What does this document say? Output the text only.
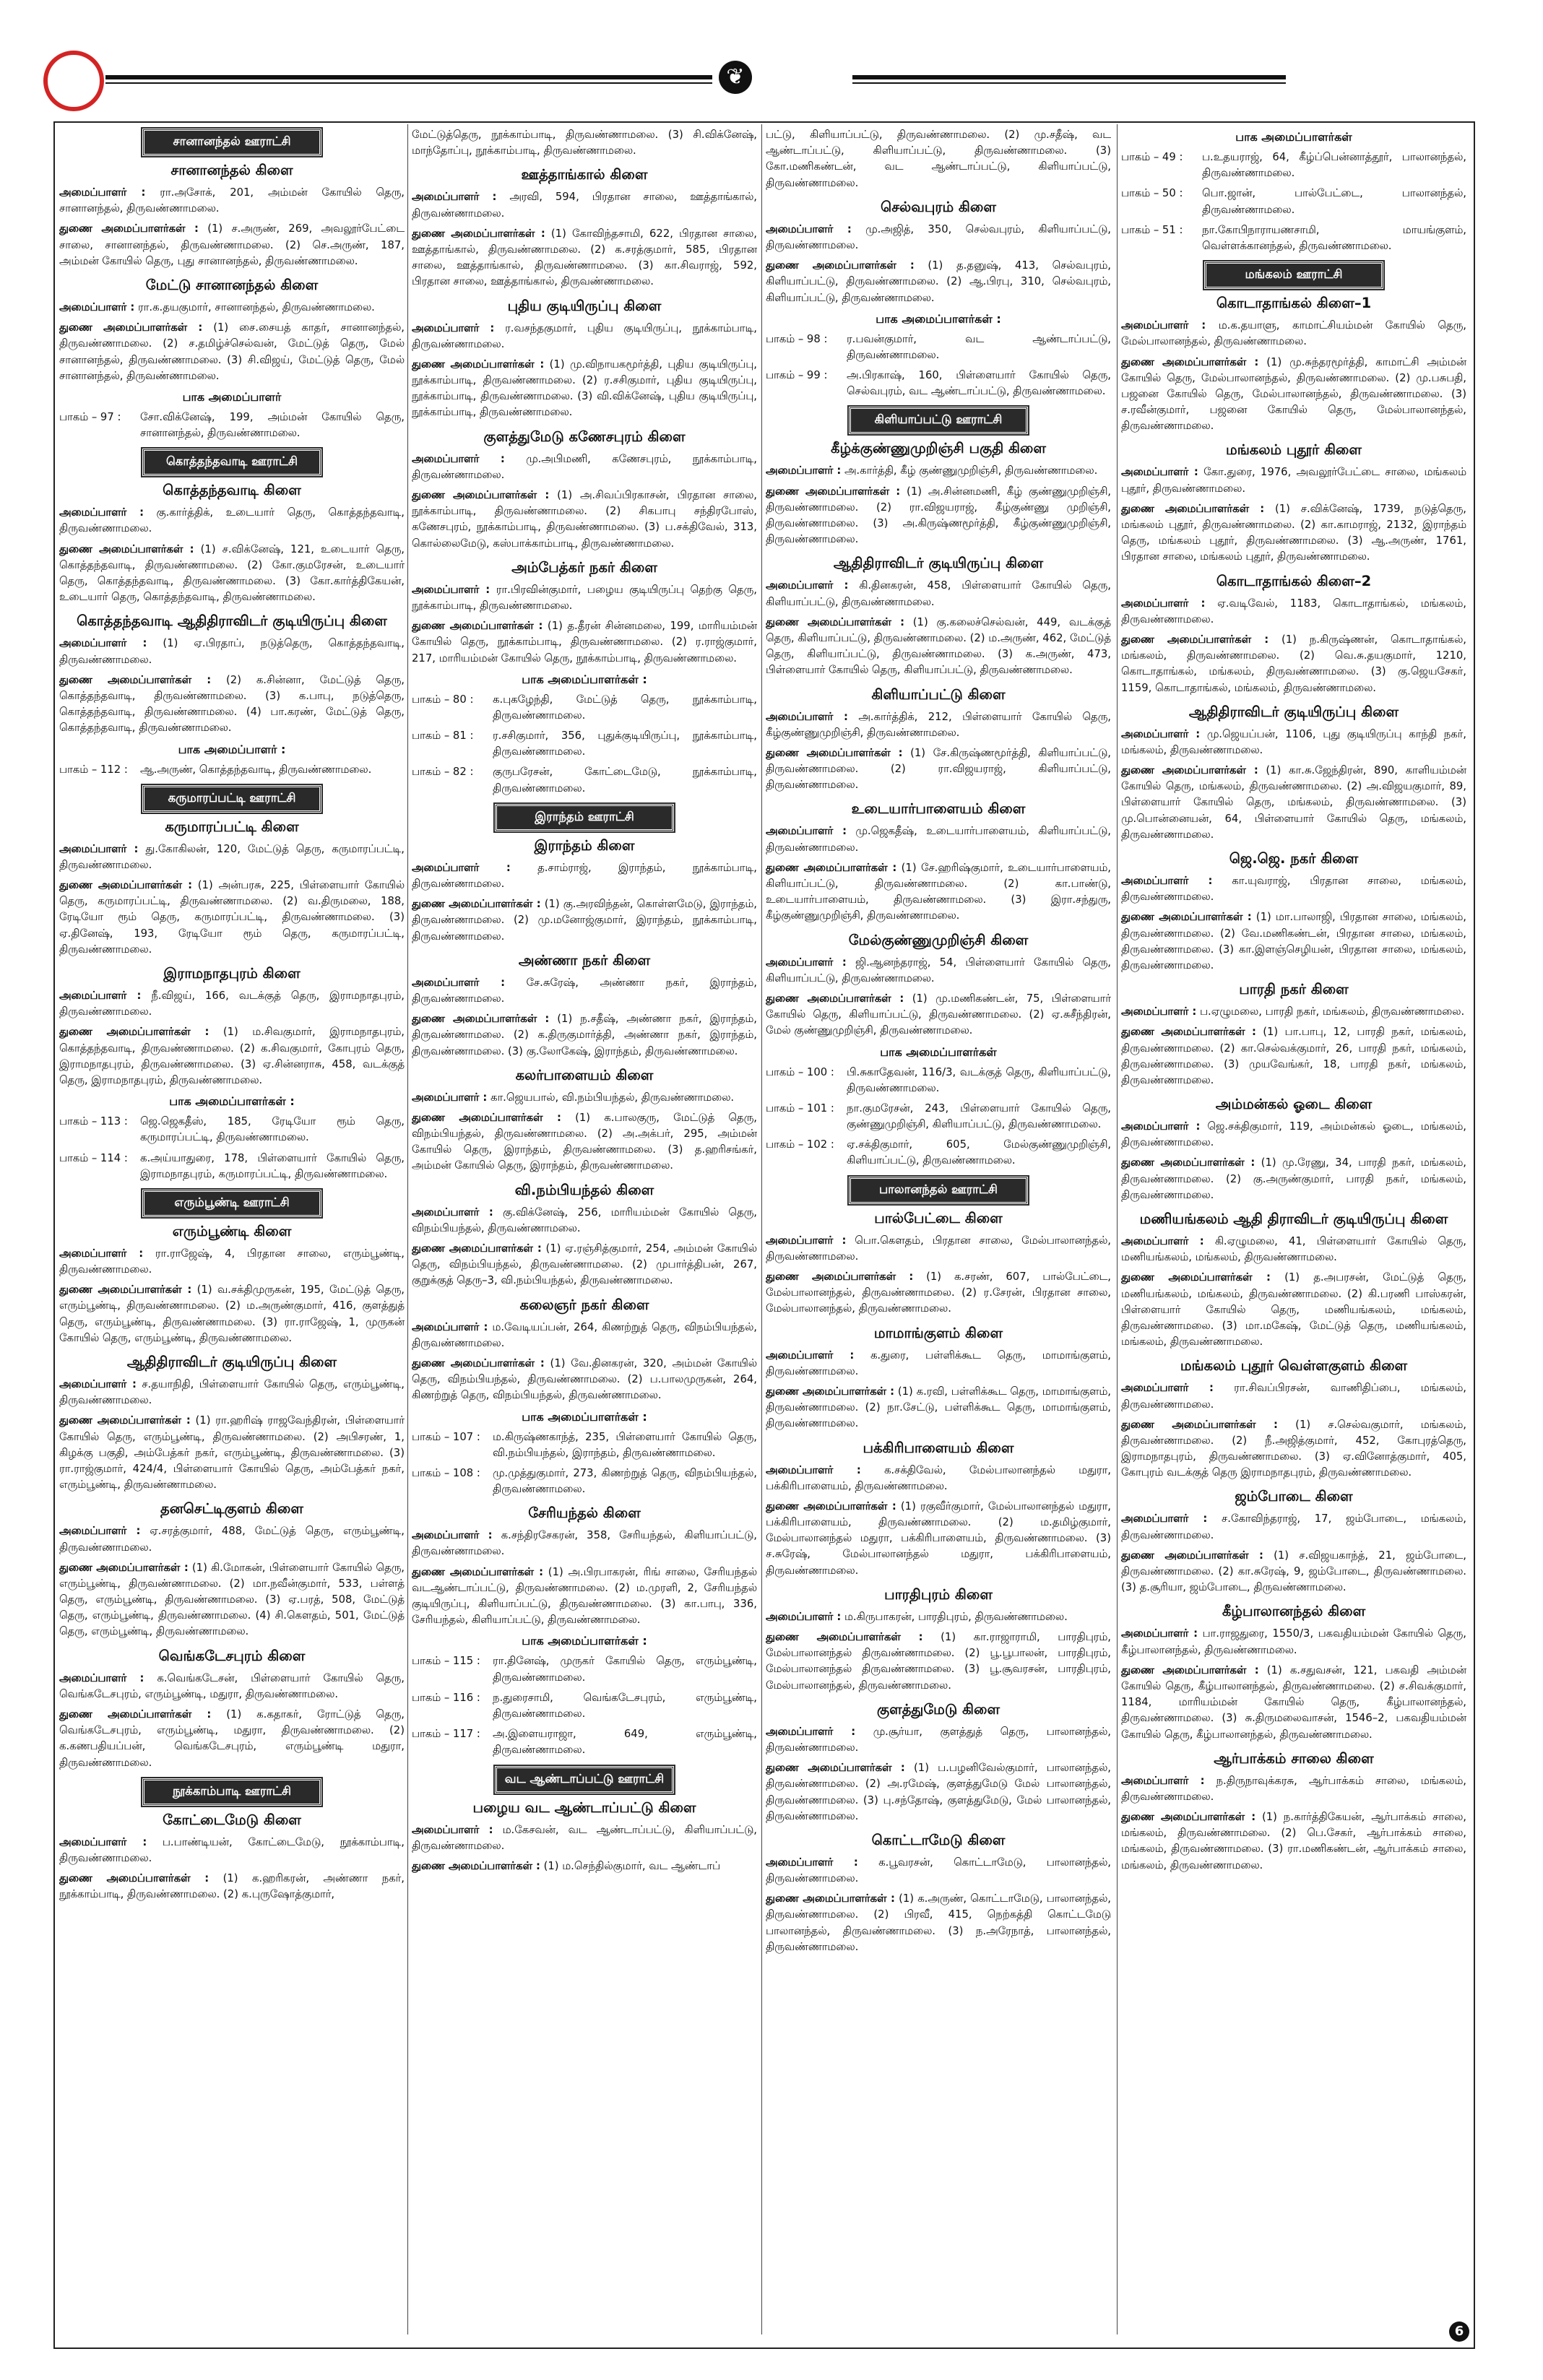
❦
சானானந்தல் ஊராட்சி
சானானந்தல் கிளை
அமைப்பாளர் : ரா.அசோக், 201, அம்மன் கோயில் தெரு, சானானந்தல், திருவண்ணாமலை.
துணை அமைப்பாளர்கள் : (1) ச.அருண், 269, அவலூர்பேட்டை சாலை, சானானந்தல், திருவண்ணாமலை. (2) செ.அருண், 187, அம்மன் கோயில் தெரு, புது சானானந்தல், திருவண்ணாமலை.
மேட்டு சானானந்தல் கிளை
அமைப்பாளர் : ரா.க.தயகுமார், சானானந்தல், திருவண்ணாமலை.
துணை அமைப்பாளர்கள் : (1) சை.சையத் காதர், சானானந்தல், திருவண்ணாமலை. (2) ச.தமிழ்ச்செல்வன், மேட்டுத் தெரு, மேல் சானானந்தல், திருவண்ணாமலை. (3) சி.விஜய், மேட்டுத் தெரு, மேல் சானானந்தல், திருவண்ணாமலை.
பாக அமைப்பாளர்
பாகம் – 97 :	சோ.விக்னேஷ், 199, அம்மன் கோயில் தெரு, சானானந்தல், திருவண்ணாமலை.
கொத்தந்தவாடி ஊராட்சி
கொத்தந்தவாடி கிளை
அமைப்பாளர் : கு.கார்த்திக், உடையார் தெரு, கொத்தந்தவாடி, திருவண்ணாமலை.
துணை அமைப்பாளர்கள் : (1) ச.விக்னேஷ், 121, உடையார் தெரு, கொத்தந்தவாடி, திருவண்ணாமலை. (2) கோ.குமரேசன், உடையார் தெரு, கொத்தந்தவாடி, திருவண்ணாமலை. (3) கோ.கார்த்திகேயன், உடையார் தெரு, கொத்தந்தவாடி, திருவண்ணாமலை.
கொத்தந்தவாடி ஆதிதிராவிடர் குடியிருப்பு கிளை
அமைப்பாளர் : (1) ஏ.பிரதாப், நடுத்தெரு, கொத்தந்தவாடி, திருவண்ணாமலை.
துணை அமைப்பாளர்கள் : (2) க.சின்னா, மேட்டுத் தெரு, கொத்தந்தவாடி, திருவண்ணாமலை. (3) க.பாபு, நடுத்தெரு, கொத்தந்தவாடி, திருவண்ணாமலை. (4) பா.கரண், மேட்டுத் தெரு, கொத்தந்தவாடி, திருவண்ணாமலை.
பாக அமைப்பாளர் :
பாகம் – 112 :	ஆ.அருண், கொத்தந்தவாடி, திருவண்ணாமலை.
கருமாரப்பட்டி ஊராட்சி
கருமாரப்பட்டி கிளை
அமைப்பாளர் : து.கோகிலன், 120, மேட்டுத் தெரு, கருமாரப்பட்டி, திருவண்ணாமலை.
துணை அமைப்பாளர்கள் : (1) அன்பரசு, 225, பிள்ளையார் கோயில் தெரு, கருமாரப்பட்டி, திருவண்ணாமலை. (2) வ.திருமலை, 188, ரேடியோ ரூம் தெரு, கருமாரப்பட்டி, திருவண்ணாமலை. (3) ஏ.தினேஷ், 193, ரேடியோ ரூம் தெரு, கருமாரப்பட்டி, திருவண்ணாமலை.
இராமநாதபுரம் கிளை
அமைப்பாளர் : நீ.விஜய், 166, வடக்குத் தெரு, இராமநாதபுரம், திருவண்ணாமலை.
துணை அமைப்பாளர்கள் : (1) ம.சிவகுமார், இராமநாதபுரம், கொத்தந்தவாடி, திருவண்ணாமலை. (2) க.சிவகுமார், கோபுரம் தெரு, இராமநாதபுரம், திருவண்ணாமலை. (3) ஏ.சின்னராசு, 458, வடக்குத் தெரு, இராமநாதபுரம், திருவண்ணாமலை.
பாக அமைப்பாளர்கள் :
பாகம் – 113 :	ஜெ.ஜெகதீஸ், 185, ரேடியோ ரூம் தெரு, கருமாரப்பட்டி, திருவண்ணாமலை.
பாகம் – 114 :	க.அய்யாதுரை, 178, பிள்ளையார் கோயில் தெரு, இராமநாதபுரம், கருமாரப்பட்டி, திருவண்ணாமலை.
எரும்பூண்டி ஊராட்சி
எரும்பூண்டி கிளை
அமைப்பாளர் : ரா.ராஜேஷ், 4, பிரதான சாலை, எரும்பூண்டி, திருவண்ணாமலை.
துணை அமைப்பாளர்கள் : (1) வ.சக்திமுருகன், 195, மேட்டுத் தெரு, எரும்பூண்டி, திருவண்ணாமலை. (2) ம.அருண்குமார், 416, குளத்துத் தெரு, எரும்பூண்டி, திருவண்ணாமலை. (3) ரா.ராஜேஷ், 1, முருகன் கோயில் தெரு, எரும்பூண்டி, திருவண்ணாமலை.
ஆதிதிராவிடர் குடியிருப்பு கிளை
அமைப்பாளர் : ச.தயாநிதி, பிள்ளையார் கோயில் தெரு, எரும்பூண்டி, திருவண்ணாமலை.
துணை அமைப்பாளர்கள் : (1) ரா.ஹரிஷ் ராஜவேந்திரன், பிள்ளையார் கோயில் தெரு, எரும்பூண்டி, திருவண்ணாமலை. (2) அபிசரண், 1, கிழக்கு பகுதி, அம்பேத்கர் நகர், எரும்பூண்டி, திருவண்ணாமலை. (3) ரா.ராஜ்குமார், 424/4, பிள்ளையார் கோயில் தெரு, அம்பேத்கர் நகர், எரும்பூண்டி, திருவண்ணாமலை.
தனசெட்டிகுளம் கிளை
அமைப்பாளர் : ஏ.சரத்குமார், 488, மேட்டுத் தெரு, எரும்பூண்டி, திருவண்ணாமலை.
துணை அமைப்பாளர்கள் : (1) கி.மோகன், பிள்ளையார் கோயில் தெரு, எரும்பூண்டி, திருவண்ணாமலை. (2) மா.நவீன்குமார், 533, பள்ளத் தெரு, எரும்பூண்டி, திருவண்ணாமலை. (3) ஏ.பரத், 508, மேட்டுத் தெரு, எரும்பூண்டி, திருவண்ணாமலை. (4) சி.கௌதம், 501, மேட்டுத் தெரு, எரும்பூண்டி, திருவண்ணாமலை.
வெங்கடேசபுரம் கிளை
அமைப்பாளர் : க.வெங்கடேசன், பிள்ளையார் கோயில் தெரு, வெங்கடேசபுரம், எரும்பூண்டி, மதுரா, திருவண்ணாமலை.
துணை அமைப்பாளர்கள் : (1) க.கதாகர், ரோட்டுத் தெரு, வெங்கடேசபுரம், எரும்பூண்டி, மதுரா, திருவண்ணாமலை. (2) க.கணபதியப்பன், வெங்கடேசபுரம், எரும்பூண்டி மதுரா, திருவண்ணாமலை.
நூக்காம்பாடி ஊராட்சி
கோட்டைமேடு கிளை
அமைப்பாளர் : ப.பாண்டியன், கோட்டைமேடு, நூக்காம்பாடி, திருவண்ணாமலை.
துணை அமைப்பாளர்கள் : (1) க.ஹரிகரன், அண்ணா நகர், நூக்காம்பாடி, திருவண்ணாமலை. (2) க.புருஷோத்குமார்,
மேட்டுத்தெரு, நூக்காம்பாடி, திருவண்ணாமலை. (3) சி.விக்னேஷ், மாந்தோப்பு, நூக்காம்பாடி, திருவண்ணாமலை.
ஊத்தாங்கால் கிளை
அமைப்பாளர் : அரவி, 594, பிரதான சாலை, ஊத்தாங்கால், திருவண்ணாமலை.
துணை அமைப்பாளர்கள் : (1) கோவிந்தசாமி, 622, பிரதான சாலை, ஊத்தாங்கால், திருவண்ணாமலை. (2) க.சரத்குமார், 585, பிரதான சாலை, ஊத்தாங்கால், திருவண்ணாமலை. (3) கா.சிவராஜ், 592, பிரதான சாலை, ஊத்தாங்கால், திருவண்ணாமலை.
புதிய குடியிருப்பு கிளை
அமைப்பாளர் : ர.வசந்தகுமார், புதிய குடியிருப்பு, நூக்காம்பாடி, திருவண்ணாமலை.
துணை அமைப்பாளர்கள் : (1) மு.விநாயகமூர்த்தி, புதிய குடியிருப்பு, நூக்காம்பாடி, திருவண்ணாமலை. (2) ர.சசிகுமார், புதிய குடியிருப்பு, நூக்காம்பாடி, திருவண்ணாமலை. (3) வி.விக்னேஷ், புதிய குடியிருப்பு, நூக்காம்பாடி, திருவண்ணாமலை.
குளத்துமேடு கணேசபுரம் கிளை
அமைப்பாளர் : மு.அபிமணி, கணேசபுரம், நூக்காம்பாடி, திருவண்ணாமலை.
துணை அமைப்பாளர்கள் : (1) அ.சிவப்பிரகாசன், பிரதான சாலை, நூக்காம்பாடி, திருவண்ணாமலை. (2) சிகபாபு சந்திரபோஸ், கணேசபுரம், நூக்காம்பாடி, திருவண்ணாமலை. (3) ப.சக்திவேல், 313, கொல்லைமேடு, கஸ்பாக்காம்பாடி, திருவண்ணாமலை.
அம்பேத்கர் நகர் கிளை
அமைப்பாளர் : ரா.பிரவின்குமார், பழைய குடியிருப்பு தெற்கு தெரு, நூக்காம்பாடி, திருவண்ணாமலை.
துணை அமைப்பாளர்கள் : (1) த.தீரன் சின்னமலை, 199, மாரியம்மன் கோயில் தெரு, நூக்காம்பாடி, திருவண்ணாமலை. (2) ர.ராஜ்குமார், 217, மாரியம்மன் கோயில் தெரு, நூக்காம்பாடி, திருவண்ணாமலை.
பாக அமைப்பாளர்கள் :
பாகம் – 80 :	க.புகழேந்தி, மேட்டுத் தெரு, நூக்காம்பாடி, திருவண்ணாமலை.
பாகம் – 81 :	ர.சசிகுமார், 356, புதுக்குடியிருப்பு, நூக்காம்பாடி, திருவண்ணாமலை.
பாகம் – 82 :	குருபரேசன், கோட்டைமேடு, நூக்காம்பாடி, திருவண்ணாமலை.
இராந்தம் ஊராட்சி
இராந்தம் கிளை
அமைப்பாளர் :	த.சாம்ராஜ், இராந்தம், நூக்காம்பாடி, திருவண்ணாமலை.
துணை அமைப்பாளர்கள் : (1) கு.அரவிந்தன், கொள்ளமேடு, இராந்தம், திருவண்ணாமலை. (2) மு.மனோஜ்குமார், இராந்தம், நூக்காம்பாடி, திருவண்ணாமலை.
அண்ணா நகர் கிளை
அமைப்பாளர் : சே.சுரேஷ், அண்ணா நகர், இராந்தம், திருவண்ணாமலை.
துணை அமைப்பாளர்கள் : (1) ந.சதீஷ், அண்ணா நகர், இராந்தம், திருவண்ணாமலை. (2) க.திருகுமார்த்தி, அண்ணா நகர், இராந்தம், திருவண்ணாமலை. (3) கு.லோகேஷ், இராந்தம், திருவண்ணாமலை.
கலர்பாளையம் கிளை
அமைப்பாளர் : கா.ஜெயபால், வி.நம்பியந்தல், திருவண்ணாமலை.
துணை அமைப்பாளர்கள் : (1) க.பாலகுரு, மேட்டுத் தெரு, விநம்பியந்தல், திருவண்ணாமலை. (2) அ.அக்பர், 295, அம்மன் கோயில் தெரு, இராந்தம், திருவண்ணாமலை. (3) த.ஹரிசங்கர், அம்மன் கோயில் தெரு, இராந்தம், திருவண்ணாமலை.
வி.நம்பியந்தல் கிளை
அமைப்பாளர் : கு.விக்னேஷ், 256, மாரியம்மன் கோயில் தெரு, விநம்பியந்தல், திருவண்ணாமலை.
துணை அமைப்பாளர்கள் : (1) ஏ.ரஞ்சித்குமார், 254, அம்மன் கோயில் தெரு, விநம்பியந்தல், திருவண்ணாமலை. (2) முபார்த்திபன், 267, குறுக்குத் தெரு–3, வி.நம்பியந்தல், திருவண்ணாமலை.
கலைஞர் நகர் கிளை
அமைப்பாளர் : ம.வேடியப்பன், 264, கிணற்றுத் தெரு, விநம்பியந்தல், திருவண்ணாமலை.
துணை அமைப்பாளர்கள் : (1) வே.தினகரன், 320, அம்மன் கோயில் தெரு, விநம்பியந்தல், திருவண்ணாமலை. (2) ப.பாலமுருகன், 264, கிணற்றுத் தெரு, விநம்பியந்தல், திருவண்ணாமலை.
பாக அமைப்பாளர்கள் :
பாகம் – 107 :	ம.கிருஷ்ணகாந்த், 235, பிள்ளையார் கோயில் தெரு, வி.நம்பியந்தல், இராந்தம், திருவண்ணாமலை.
பாகம் – 108 :	மு.முத்துகுமார், 273, கிணற்றுத் தெரு, விநம்பியந்தல், திருவண்ணாமலை.
சேரியந்தல் கிளை
அமைப்பாளர் : க.சந்திரசேகரன், 358, சேரியந்தல், கிளியாப்பட்டு, திருவண்ணாமலை.
துணை அமைப்பாளர்கள் : (1) அ.பிரபாகரன், ரிங் சாலை, சேரியந்தல் வடஆண்டாப்பட்டு, திருவண்ணாமலை. (2) ம.முரளி, 2, சேரியந்தல் குடியிருப்பு, கிளியாப்பட்டு, திருவண்ணாமலை. (3) கா.பாபு, 336, சேரியந்தல், கிளியாப்பட்டு, திருவண்ணாமலை.
பாக அமைப்பாளர்கள் :
பாகம் – 115 :	ரா.தினேஷ், முருகர் கோயில் தெரு, எரும்பூண்டி, திருவண்ணாமலை.
பாகம் – 116 :	ந.துரைசாமி, வெங்கடேசபுரம், எரும்பூண்டி, திருவண்ணாமலை.
பாகம் – 117 :	அ.இளையராஜா, 649, எரும்பூண்டி, திருவண்ணாமலை.
வட ஆண்டாப்பட்டு ஊராட்சி
பழைய வட ஆண்டாப்பட்டு கிளை
அமைப்பாளர் : ம.கேசவன், வட ஆண்டாப்பட்டு, கிளியாப்பட்டு, திருவண்ணாமலை.
துணை அமைப்பாளர்கள் : (1) ம.செந்தில்குமார், வட ஆண்டாப்
பட்டு, கிளியாப்பட்டு, திருவண்ணாமலை. (2) மு.சதீஷ், வட ஆண்டாப்பட்டு, கிளியாப்பட்டு, திருவண்ணாமலை. (3) கோ.மணிகண்டன், வட ஆண்டாப்பட்டு, கிளியாப்பட்டு, திருவண்ணாமலை.
செல்வபுரம் கிளை
அமைப்பாளர் : மு.அஜித், 350, செல்வபுரம், கிளியாப்பட்டு, திருவண்ணாமலை.
துணை அமைப்பாளர்கள் : (1) த.தனுஷ், 413, செல்வபுரம், கிளியாப்பட்டு, திருவண்ணாமலை. (2) ஆ.பிரபு, 310, செல்வபுரம், கிளியாப்பட்டு, திருவண்ணாமலை.
பாக அமைப்பாளர்கள் :
பாகம் – 98 :	ர.பவன்குமார், வட ஆண்டாப்பட்டு, திருவண்ணாமலை.
பாகம் – 99 :	அ.பிரகாஷ், 160, பிள்ளையார் கோயில் தெரு, செல்வபுரம், வட ஆண்டாப்பட்டு, திருவண்ணாமலை.
கிளியாப்பட்டு ஊராட்சி
கீழ்க்குண்ணுமுறிஞ்சி பகுதி கிளை
அமைப்பாளர் : அ.கார்த்தி, கீழ் குண்ணுமுறிஞ்சி, திருவண்ணாமலை.
துணை அமைப்பாளர்கள் : (1) அ.சின்னமணி, கீழ் குண்ணுமுறிஞ்சி, திருவண்ணாமலை. (2) ரா.விஜயராஜ், கீழ்குண்ணு முறிஞ்சி, திருவண்ணாமலை. (3) அ.கிருஷ்ணமூர்த்தி, கீழ்குண்ணுமுறிஞ்சி, திருவண்ணாமலை.
ஆதிதிராவிடர் குடியிருப்பு கிளை
அமைப்பாளர் : கி.தினகரன், 458, பிள்ளையார் கோயில் தெரு, கிளியாப்பட்டு, திருவண்ணாமலை.
துணை அமைப்பாளர்கள் : (1) கு.கலைச்செல்வன், 449, வடக்குத் தெரு, கிளியாப்பட்டு, திருவண்ணாமலை. (2) ம.அருண், 462, மேட்டுத் தெரு, கிளியாப்பட்டு, திருவண்ணாமலை. (3) க.அருண், 473, பிள்ளையார் கோயில் தெரு, கிளியாப்பட்டு, திருவண்ணாமலை.
கிளியாப்பட்டு கிளை
அமைப்பாளர் : அ.கார்த்திக், 212, பிள்ளையார் கோயில் தெரு, கீழ்குண்ணுமுறிஞ்சி, திருவண்ணாமலை.
துணை அமைப்பாளர்கள் : (1) சே.கிருஷ்ணமூர்த்தி, கிளியாப்பட்டு, திருவண்ணாமலை. (2) ரா.விஜயராஜ், கிளியாப்பட்டு, திருவண்ணாமலை.
உடையார்பாளையம் கிளை
அமைப்பாளர் : மு.ஜெகதீஷ், உடையார்பாளையம், கிளியாப்பட்டு, திருவண்ணாமலை.
துணை அமைப்பாளர்கள் : (1) சே.ஹரிஷ்குமார், உடையார்பாளையம், கிளியாப்பட்டு, திருவண்ணாமலை. (2) கா.பாண்டு, உடையார்பாளையம், திருவண்ணாமலை. (3) இரா.சந்துரு, கீழ்குண்ணுமுறிஞ்சி, திருவண்ணாமலை.
மேல்குண்ணுமுறிஞ்சி கிளை
அமைப்பாளர் : ஜி.ஆனந்தராஜ், 54, பிள்ளையார் கோயில் தெரு, கிளியாப்பட்டு, திருவண்ணாமலை.
துணை அமைப்பாளர்கள் : (1) மு.மணிகண்டன், 75, பிள்ளையார் கோயில் தெரு, கிளியாப்பட்டு, திருவண்ணாமலை. (2) ஏ.சுசீந்திரன், மேல் குண்ணுமுறிஞ்சி, திருவண்ணாமலை.
பாக அமைப்பாளர்கள்
பாகம் – 100 :	பி.சுகாதேவன், 116/3, வடக்குத் தெரு, கிளியாப்பட்டு, திருவண்ணாமலை.
பாகம் – 101 :	நா.குமரேசன், 243, பிள்ளையார் கோயில் தெரு, குண்ணுமுறிஞ்சி, கிளியாப்பட்டு, திருவண்ணாமலை.
பாகம் – 102 :	ஏ.சக்திகுமார், 605, மேல்குண்ணுமுறிஞ்சி, கிளியாப்பட்டு, திருவண்ணாமலை.
பாலானந்தல் ஊராட்சி
பால்பேட்டை கிளை
அமைப்பாளர் : பொ.கௌதம், பிரதான சாலை, மேல்பாலானந்தல், திருவண்ணாமலை.
துணை அமைப்பாளர்கள் : (1) க.சரண், 607, பால்பேட்டை, மேல்பாலானந்தல், திருவண்ணாமலை. (2) ர.சேரன், பிரதான சாலை, மேல்பாலானந்தல், திருவண்ணாமலை.
மாமாங்குளம் கிளை
அமைப்பாளர் : க.துரை, பள்ளிக்கூட தெரு, மாமாங்குளம், திருவண்ணாமலை.
துணை அமைப்பாளர்கள் : (1) க.ரவி, பள்ளிக்கூட தெரு, மாமாங்குளம், திருவண்ணாமலை. (2) நா.சேட்டு, பள்ளிக்கூட தெரு, மாமாங்குளம், திருவண்ணாமலை.
பக்கிரிபாளையம் கிளை
அமைப்பாளர் : க.சக்திவேல், மேல்பாலானந்தல் மதுரா, பக்கிரிபாளையம், திருவண்ணாமலை.
துணை அமைப்பாளர்கள் : (1) ரகுவீர்குமார், மேல்பாலானந்தல் மதுரா, பக்கிரிபாளையம், திருவண்ணாமலை. (2) ம.தமிழ்குமார், மேல்பாலானந்தல் மதுரா, பக்கிரிபாளையம், திருவண்ணாமலை. (3) ச.சுரேஷ், மேல்பாலானந்தல் மதுரா, பக்கிரிபாளையம், திருவண்ணாமலை.
பாரதிபுரம் கிளை
அமைப்பாளர் : ம.கிருபாகரன், பாரதிபுரம், திருவண்ணாமலை.
துணை அமைப்பாளர்கள் : (1) கா.ராஜாராமி, பாரதிபுரம், மேல்பாலானந்தல் திருவண்ணாமலை. (2) பூ.பூபாலன், பாரதிபுரம், மேல்பாலானந்தல் திருவண்ணாமலை. (3) பூ.சூவரசன், பாரதிபுரம், மேல்பாலானந்தல், திருவண்ணாமலை.
குளத்துமேடு கிளை
அமைப்பாளர் : மு.சூர்யா, குளத்துத் தெரு, பாலானந்தல், திருவண்ணாமலை.
துணை அமைப்பாளர்கள் : (1) ப.பழனிவேல்குமார், பாலானந்தல், திருவண்ணாமலை. (2) அ.ரமேஷ், குளத்துமேடு மேல் பாலானந்தல், திருவண்ணாமலை. (3) பு.சந்தோஷ், குளத்துமேடு, மேல் பாலானந்தல், திருவண்ணாமலை.
கொட்டாமேடு கிளை
அமைப்பாளர் : க.பூவரசன், கொட்டாமேடு, பாலானந்தல், திருவண்ணாமலை.
துணை அமைப்பாளர்கள் : (1) க.அருண், கொட்டாமேடு, பாலானந்தல், திருவண்ணாமலை. (2) பிரவீ, 415, நெற்கத்தி கொட்டமேடு பாலானந்தல், திருவண்ணாமலை. (3) ந.அரேநாத், பாலானந்தல், திருவண்ணாமலை.
பாக அமைப்பாளர்கள்
பாகம் – 49 :	ப.உதயராஜ், 64, கீழ்ப்பென்னாத்தூர், பாலானந்தல், திருவண்ணாமலை.
பாகம் – 50 :	பொ.ஜான், பால்பேட்டை, பாலானந்தல், திருவண்ணாமலை.
பாகம் – 51 :	நா.கோபிநாராயணசாமி, மாயங்குளம், வெள்ளக்கானந்தல், திருவண்ணாமலை.
மங்கலம் ஊராட்சி
கொடாதாங்கல் கிளை–1
அமைப்பாளர் : ம.க.தயாளு, காமாட்சியம்மன் கோயில் தெரு, மேல்பாலானந்தல், திருவண்ணாமலை.
துணை அமைப்பாளர்கள் : (1) மு.சுந்தரமூர்த்தி, காமாட்சி அம்மன் கோயில் தெரு, மேல்பாலானந்தல், திருவண்ணாமலை. (2) மு.பசுபதி, பஜனை கோயில் தெரு, மேல்பாலானந்தல், திருவண்ணாமலை. (3) ச.ரவீன்குமார், பஜனை கோயில் தெரு, மேல்பாலானந்தல், திருவண்ணாமலை.
மங்கலம் புதூர் கிளை
அமைப்பாளர் : கோ.துரை, 1976, அவலூர்பேட்டை சாலை, மங்கலம் புதூர், திருவண்ணாமலை.
துணை அமைப்பாளர்கள் : (1) ச.விக்னேஷ், 1739, நடுத்தெரு, மங்கலம் புதூர், திருவண்ணாமலை. (2) கா.காமராஜ், 2132, இராந்தம் தெரு, மங்கலம் புதூர், திருவண்ணாமலை. (3) ஆ.அருண், 1761, பிரதான சாலை, மங்கலம் புதூர், திருவண்ணாமலை.
கொடாதாங்கல் கிளை–2
அமைப்பாளர் : ஏ.வடிவேல், 1183, கொடாதாங்கல், மங்கலம், திருவண்ணாமலை.
துணை அமைப்பாளர்கள் : (1) ந.கிருஷ்ணன், கொடாதாங்கல், மங்கலம், திருவண்ணாமலை. (2) வெ.சு.தயகுமார், 1210, கொடாதாங்கல், மங்கலம், திருவண்ணாமலை. (3) கு.ஜெயசேகர், 1159, கொடாதாங்கல், மங்கலம், திருவண்ணாமலை.
ஆதிதிராவிடர் குடியிருப்பு கிளை
அமைப்பாளர் : மு.ஜெயப்பன், 1106, புது குடியிருப்பு காந்தி நகர், மங்கலம், திருவண்ணாமலை.
துணை அமைப்பாளர்கள் : (1) கா.சு.ஜேந்திரன், 890, காளியம்மன் கோயில் தெரு, மங்கலம், திருவண்ணாமலை. (2) அ.விஜயகுமார், 89, பிள்ளையார் கோயில் தெரு, மங்கலம், திருவண்ணாமலை. (3) மு.பொன்னையன், 64, பிள்ளையார் கோயில் தெரு, மங்கலம், திருவண்ணாமலை.
ஜெ.ஜெ. நகர் கிளை
அமைப்பாளர் : கா.யுவராஜ், பிரதான சாலை, மங்கலம், திருவண்ணாமலை.
துணை அமைப்பாளர்கள் : (1) மா.பாலாஜி, பிரதான சாலை, மங்கலம், திருவண்ணாமலை. (2) வே.மணிகண்டன், பிரதான சாலை, மங்கலம், திருவண்ணாமலை. (3) கா.இளஞ்செழியன், பிரதான சாலை, மங்கலம், திருவண்ணாமலை.
பாரதி நகர் கிளை
அமைப்பாளர் : ப.ஏழுமலை, பாரதி நகர், மங்கலம், திருவண்ணாமலை.
துணை அமைப்பாளர்கள் : (1) பா.பாபு, 12, பாரதி நகர், மங்கலம், திருவண்ணாமலை. (2) கா.செல்வக்குமார், 26, பாரதி நகர், மங்கலம், திருவண்ணாமலை. (3) முயவேங்கர், 18, பாரதி நகர், மங்கலம், திருவண்ணாமலை.
அம்மன்கல் ஓடை கிளை
அமைப்பாளர் : ஜெ.சக்திகுமார், 119, அம்மன்கல் ஓடை, மங்கலம், திருவண்ணாமலை.
துணை அமைப்பாளர்கள் : (1) மு.ரேணு, 34, பாரதி நகர், மங்கலம், திருவண்ணாமலை. (2) கு.அருண்குமார், பாரதி நகர், மங்கலம், திருவண்ணாமலை.
மணியங்கலம் ஆதி திராவிடர் குடியிருப்பு கிளை
அமைப்பாளர் : கி.ஏழுமலை, 41, பிள்ளையார் கோயில் தெரு, மணியங்கலம், மங்கலம், திருவண்ணாமலை.
துணை அமைப்பாளர்கள் : (1) த.அபரசன், மேட்டுத் தெரு, மணியங்கலம், மங்கலம், திருவண்ணாமலை. (2) கி.பரணி பாஸ்கரன், பிள்ளையார் கோயில் தெரு, மணியங்கலம், மங்கலம், திருவண்ணாமலை. (3) மா.மகேஷ், மேட்டுத் தெரு, மணியங்கலம், மங்கலம், திருவண்ணாமலை.
மங்கலம் புதூர் வெள்ளகுளம் கிளை
அமைப்பாளர் : ரா.சிவப்பிரசன், வாணிதிப்பை, மங்கலம், திருவண்ணாமலை.
துணை அமைப்பாளர்கள் : (1) ச.செல்வகுமார், மங்கலம், திருவண்ணாமலை. (2) நீ.அஜித்குமார், 452, கோபுரத்தெரு, இராமநாதபுரம், திருவண்ணாமலை. (3) ஏ.வினோத்குமார், 405, கோபுரம் வடக்குத் தெரு இராமநாதபுரம், திருவண்ணாமலை.
ஜம்போடை கிளை
அமைப்பாளர் : ச.கோவிந்தராஜ், 17, ஜம்போடை, மங்கலம், திருவண்ணாமலை.
துணை அமைப்பாளர்கள் : (1) ச.விஜயகாந்த், 21, ஜம்போடை, திருவண்ணாமலை. (2) கா.சுரேஷ், 9, ஜம்போடை, திருவண்ணாமலை. (3) த.சூரியா, ஜம்போடை, திருவண்ணாமலை.
கீழ்பாலானந்தல் கிளை
அமைப்பாளர் : பா.ராஜதுரை, 1550/3, பகவதியம்மன் கோயில் தெரு, கீழ்பாலானந்தல், திருவண்ணாமலை.
துணை அமைப்பாளர்கள் : (1) க.சதுவசன், 121, பகவதி அம்மன் கோயில் தெரு, கீழ்பாலானந்தல், திருவண்ணாமலை. (2) ச.சிவக்குமார், 1184, மாரியம்மன் கோயில் தெரு, கீழ்பாலானந்தல், திருவண்ணாமலை. (3) சு.திருமலைவாசன், 1546–2, பகவதியம்மன் கோயில் தெரு, கீழ்பாலானந்தல், திருவண்ணாமலை.
ஆர்பாக்கம் சாலை கிளை
அமைப்பாளர் : ந.திருநாவுக்கரசு, ஆர்பாக்கம் சாலை, மங்கலம், திருவண்ணாமலை.
துணை அமைப்பாளர்கள் : (1) ந.கார்த்திகேயன், ஆர்பாக்கம் சாலை, மங்கலம், திருவண்ணாமலை. (2) பெ.சேகர், ஆர்பாக்கம் சாலை, மங்கலம், திருவண்ணாமலை. (3) ரா.மணிகண்டன், ஆர்பாக்கம் சாலை, மங்கலம், திருவண்ணாமலை.
6
